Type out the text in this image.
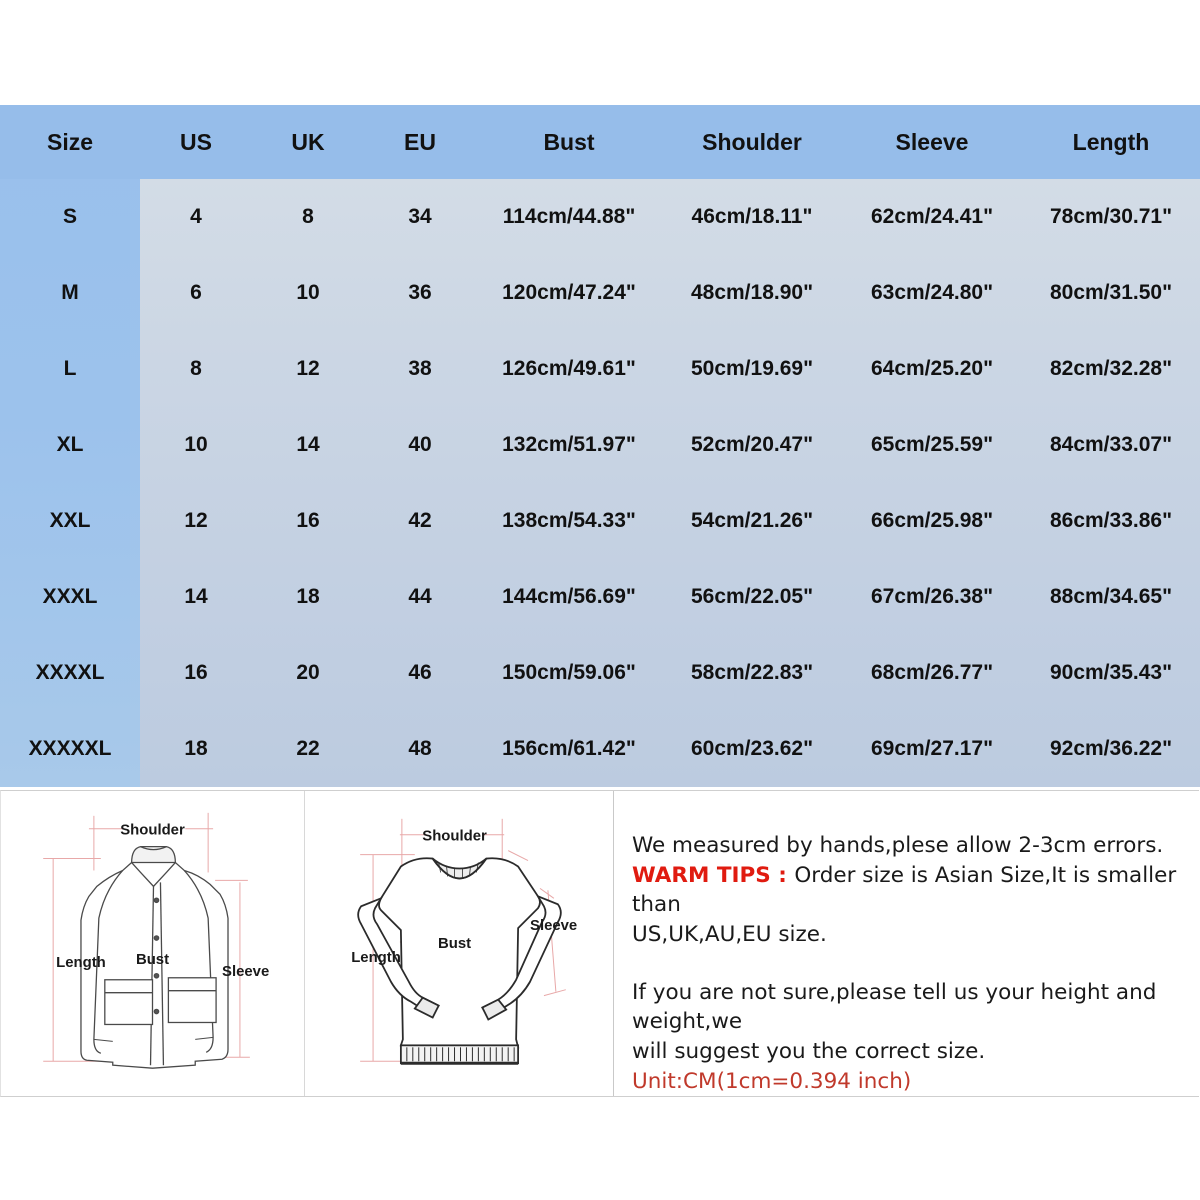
Size	US	UK	EU	Bust	Shoulder	Sleeve	Length
S	4	8	34	114cm/44.88"	46cm/18.11"	62cm/24.41"	78cm/30.71"
M	6	10	36	120cm/47.24"	48cm/18.90"	63cm/24.80"	80cm/31.50"
L	8	12	38	126cm/49.61"	50cm/19.69"	64cm/25.20"	82cm/32.28"
XL	10	14	40	132cm/51.97"	52cm/20.47"	65cm/25.59"	84cm/33.07"
XXL	12	16	42	138cm/54.33"	54cm/21.26"	66cm/25.98"	86cm/33.86"
XXXL	14	18	44	144cm/56.69"	56cm/22.05"	67cm/26.38"	88cm/34.65"
XXXXL	16	20	46	150cm/59.06"	58cm/22.83"	68cm/26.77"	90cm/35.43"
XXXXXL	18	22	48	156cm/61.42"	60cm/23.62"	69cm/27.17"	92cm/36.22"
Shoulder
Length Bust
Sleeve
Shoulder
Length
Bust
Sleeve

We measured by hands,plese allow 2-3cm errors.

WARM TIPS : Order size is Asian Size,It is smaller than

US,UK,AU,EU size.

If you are not sure,please tell us your height and weight,we

will suggest you the correct size.

Unit:CM(1cm=0.394 inch)
